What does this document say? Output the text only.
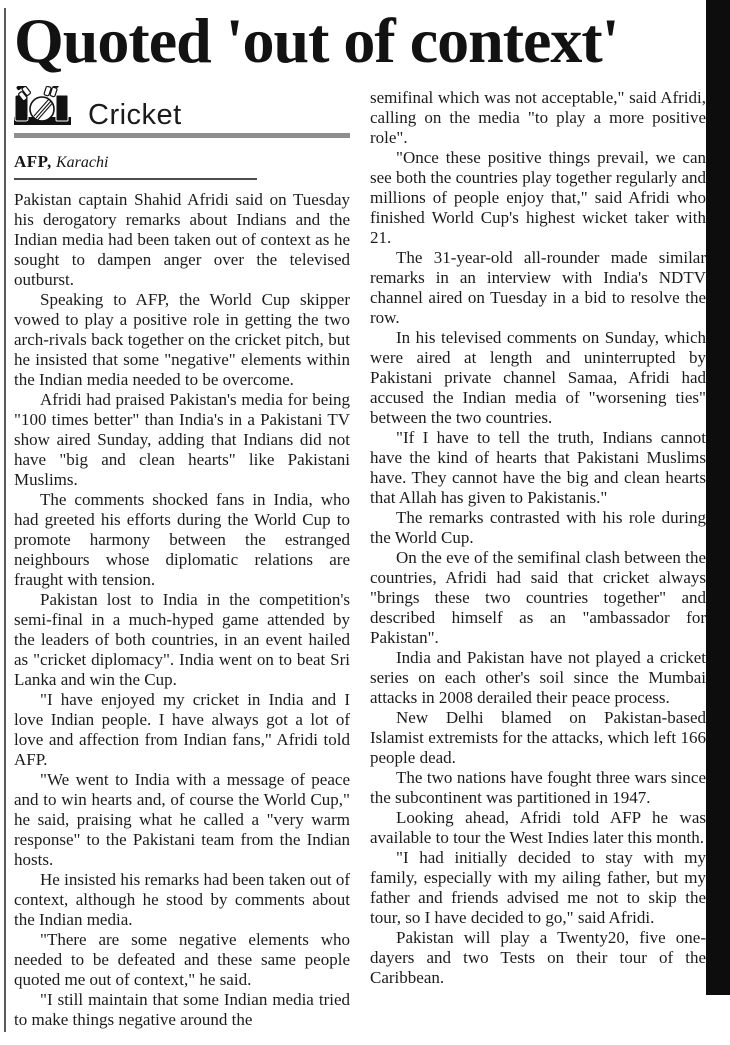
Quoted 'out of context'
Cricket
AFP, Karachi

Pakistan captain Shahid Afridi said on Tuesday his derogatory remarks about Indians and the Indian media had been taken out of context as he sought to dampen anger over the televised outburst.

Speaking to AFP, the World Cup skipper vowed to play a positive role in getting the two arch-rivals back together on the cricket pitch, but he insisted that some "negative" elements within the Indian media needed to be overcome.

Afridi had praised Pakistan's media for being "100 times better" than India's in a Pakistani TV show aired Sunday, adding that Indians did not have "big and clean hearts" like Pakistani Muslims.

The comments shocked fans in India, who had greeted his efforts during the World Cup to promote harmony between the estranged neighbours whose diplomatic relations are fraught with tension.

Pakistan lost to India in the competition's semi-final in a much-hyped game attended by the leaders of both countries, in an event hailed as "cricket diplomacy". India went on to beat Sri Lanka and win the Cup.

"I have enjoyed my cricket in India and I love Indian people. I have always got a lot of love and affection from Indian fans," Afridi told AFP.

"We went to India with a message of peace and to win hearts and, of course the World Cup," he said, praising what he called a "very warm response" to the Pakistani team from the Indian hosts.

He insisted his remarks had been taken out of context, although he stood by comments about the Indian media.

"There are some negative elements who needed to be defeated and these same people quoted me out of context," he said.

"I still maintain that some Indian media tried to make things negative around the

semifinal which was not acceptable," said Afridi, calling on the media "to play a more positive role".

"Once these positive things prevail, we can see both the countries play together regularly and millions of people enjoy that," said Afridi who finished World Cup's highest wicket taker with 21.

The 31-year-old all-rounder made similar remarks in an interview with India's NDTV channel aired on Tuesday in a bid to resolve the row.

In his televised comments on Sunday, which were aired at length and uninterrupted by Pakistani private channel Samaa, Afridi had accused the Indian media of "worsening ties" between the two countries.

"If I have to tell the truth, Indians cannot have the kind of hearts that Pakistani Muslims have. They cannot have the big and clean hearts that Allah has given to Pakistanis."

The remarks contrasted with his role during the World Cup.

On the eve of the semifinal clash between the countries, Afridi had said that cricket always "brings these two countries together" and described himself as an "ambassador for Pakistan".

India and Pakistan have not played a cricket series on each other's soil since the Mumbai attacks in 2008 derailed their peace process.

New Delhi blamed on Pakistan-based Islamist extremists for the attacks, which left 166 people dead.

The two nations have fought three wars since the subcontinent was partitioned in 1947.

Looking ahead, Afridi told AFP he was available to tour the West Indies later this month.

"I had initially decided to stay with my family, especially with my ailing father, but my father and friends advised me not to skip the tour, so I have decided to go," said Afridi.

Pakistan will play a Twenty20, five one-dayers and two Tests on their tour of the Caribbean.
